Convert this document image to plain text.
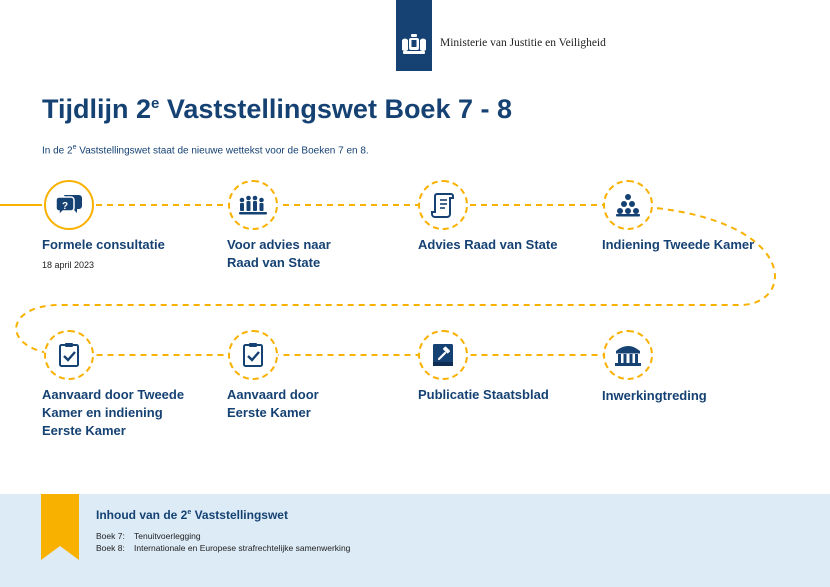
Ministerie van Justitie en Veiligheid
Tijdlijn 2e Vaststellingswet Boek 7 - 8
In de 2e Vaststellingswet staat de nieuwe wettekst voor de Boeken 7 en 8.
?
Formele consultatie
18 april 2023
Voor advies naar Raad van State
Advies Raad van State	Indiening Tweede Kamer
Aanvaard door Tweede Kamer en indiening Eerste Kamer
Aanvaard door Eerste Kamer
Publicatie Staatsblad	Inwerkingtreding
Inhoud van de 2e Vaststellingswet
Boek 7: Tenuitvoerlegging
Boek 8: Internationale en Europese strafrechtelijke samenwerking
